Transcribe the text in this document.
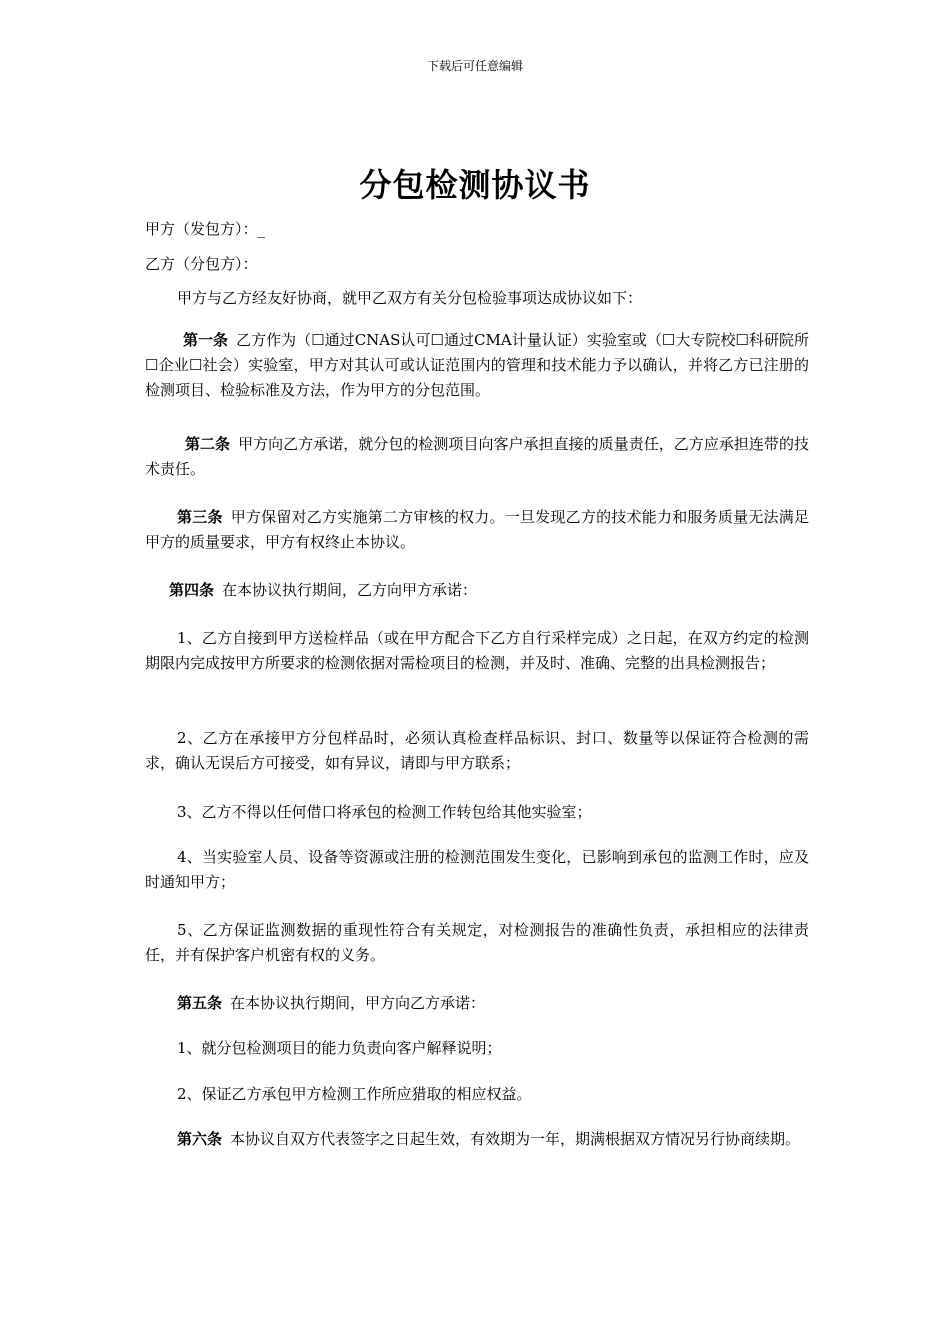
下载后可任意编辑
分包检测协议书
甲方（发包方）：_
乙方（分包方）：
甲方与乙方经友好协商，就甲乙双方有关分包检验事项达成协议如下：
第一条 乙方作为（☐通过CNAS认可☐通过CMA计量认证）实验室或（☐大专院校☐科研院所☐企业☐社会）实验室，甲方对其认可或认证范围内的管理和技术能力予以确认，并将乙方已注册的检测项目、检验标准及方法，作为甲方的分包范围。
第二条 甲方向乙方承诺，就分包的检测项目向客户承担直接的质量责任，乙方应承担连带的技术责任。
第三条 甲方保留对乙方实施第二方审核的权力。一旦发现乙方的技术能力和服务质量无法满足甲方的质量要求，甲方有权终止本协议。
第四条 在本协议执行期间，乙方向甲方承诺：
1、乙方自接到甲方送检样品（或在甲方配合下乙方自行采样完成）之日起，在双方约定的检测期限内完成按甲方所要求的检测依据对需检项目的检测，并及时、准确、完整的出具检测报告；
2、乙方在承接甲方分包样品时，必须认真检查样品标识、封口、数量等以保证符合检测的需求，确认无误后方可接受，如有异议，请即与甲方联系；
3、乙方不得以任何借口将承包的检测工作转包给其他实验室；
4、当实验室人员、设备等资源或注册的检测范围发生变化，已影响到承包的监测工作时，应及时通知甲方；
5、乙方保证监测数据的重现性符合有关规定，对检测报告的准确性负责，承担相应的法律责任，并有保护客户机密有权的义务。
第五条 在本协议执行期间，甲方向乙方承诺：
1、就分包检测项目的能力负责向客户解释说明；
2、保证乙方承包甲方检测工作所应猎取的相应权益。
第六条 本协议自双方代表签字之日起生效，有效期为一年，期满根据双方情况另行协商续期。
